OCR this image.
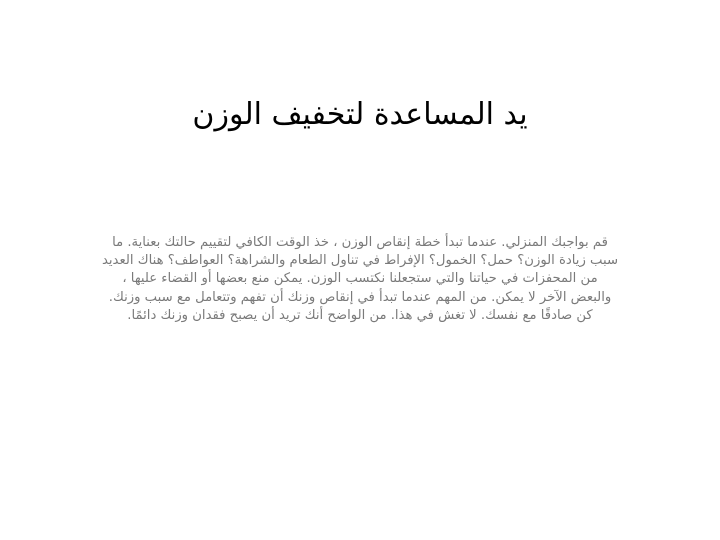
يد المساعدة لتخفيف الوزن
قم بواجبك المنزلي. عندما تبدأ خطة إنقاص الوزن ، خذ الوقت الكافي لتقييم حالتك بعناية. ما
سبب زيادة الوزن؟ حمل؟ الخمول؟ الإفراط في تناول الطعام والشراهة؟ العواطف؟ هناك العديد
من المحفزات في حياتنا والتي ستجعلنا نكتسب الوزن. يمكن منع بعضها أو القضاء عليها ،
والبعض الآخر لا يمكن. من المهم عندما تبدأ في إنقاص وزنك أن تفهم وتتعامل مع سبب وزنك.
كن صادقًا مع نفسك. لا تغش في هذا. من الواضح أنك تريد أن يصبح فقدان وزنك دائمًا.
